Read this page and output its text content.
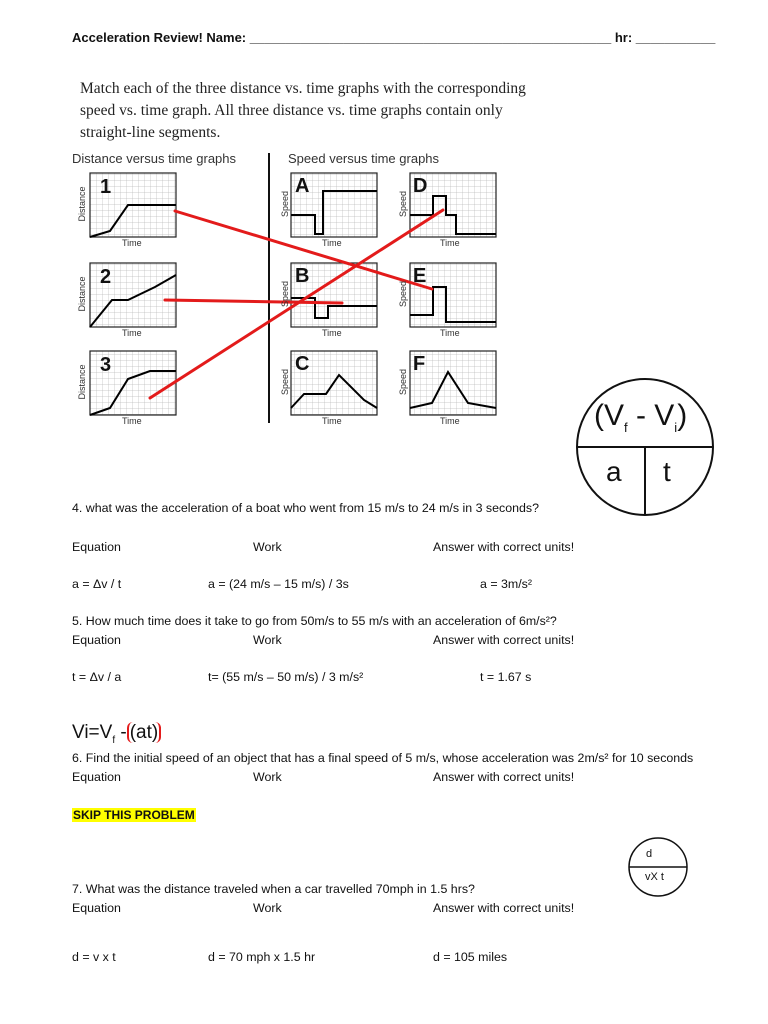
Acceleration Review! Name: __________________________________________________ hr: ___________
Match each of the three distance vs. time graphs with the corresponding speed vs. time graph. All three distance vs. time graphs contain only straight-line segments.
Distance versus time graphs	Speed versus time graphs
1
2
3
A
B
C
D
E
F
Time
Time
Time
Time
Time
Time
Time
Time
Time
Distance
Distance
Distance
Speed
Speed
Speed
Speed
Speed
Speed
$(V_f - V_i)$
a t
4. what was the acceleration of a boat who went from 15 m/s to 24 m/s in 3 seconds?
Equation	Work	Answer with correct units!
a = Δv / t	a = (24 m/s – 15 m/s) / 3s	a = 3m/s²
5. How much time does it take to go from 50m/s to 55 m/s with an acceleration of 6m/s²?
Equation	Work	Answer with correct units!
t = Δv / a	t= (55 m/s – 50 m/s) / 3 m/s²	t = 1.67 s
$Vi=V_f - (at)$
6. Find the initial speed of an object that has a final speed of 5 m/s, whose acceleration was 2m/s² for 10 seconds
Equation	Work	Answer with correct units!
SKIP THIS PROBLEM
d
vX t
7. What was the distance traveled when a car travelled 70mph in 1.5 hrs?
Equation	Work	Answer with correct units!
d = v x t	d = 70 mph x 1.5 hr	d = 105 miles
